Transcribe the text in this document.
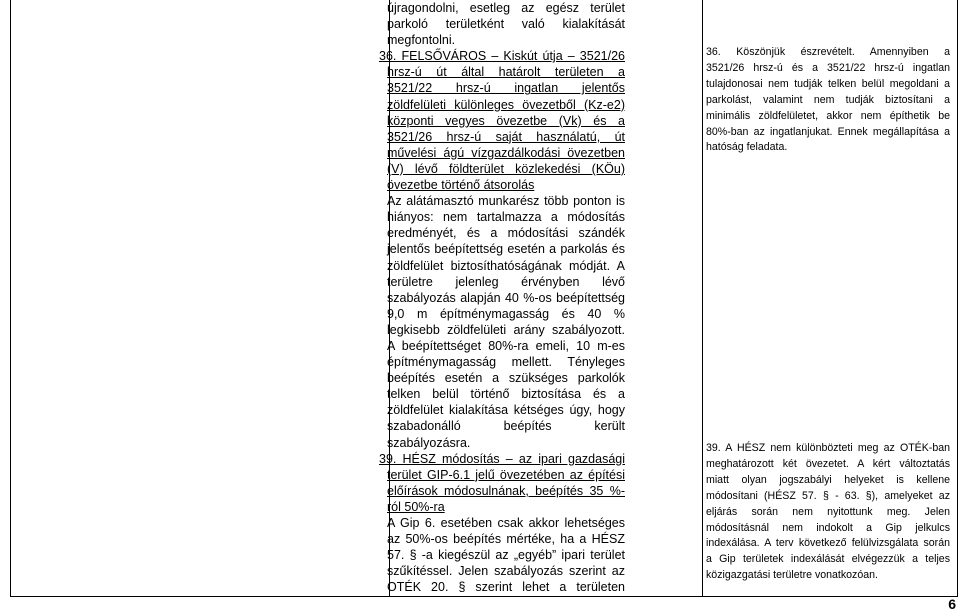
újragondolni, esetleg az egész terület
parkoló területként való kialakítását
megfontolni.
36. FELSŐVÁROS – Kiskút útja – 3521/26
hrsz-ú út által határolt területen a
3521/22 hrsz-ú ingatlan jelentős
zöldfelületi különleges övezetből (Kz-e2)
központi vegyes övezetbe (Vk) és a
3521/26 hrsz-ú saját használatú, út
művelési ágú vízgazdálkodási övezetben
(V) lévő földterület közlekedési (KÖu)
övezetbe történő átsorolás
Az alátámasztó munkarész több ponton is
hiányos: nem tartalmazza a módosítás
eredményét, és a módosítási szándék
jelentős beépítettség esetén a parkolás és
zöldfelület biztosíthatóságának módját. A
területre jelenleg érvényben lévő
szabályozás alapján 40 %-os beépítettség
9,0 m építménymagasság és 40 %
legkisebb zöldfelületi arány szabályozott.
A beépítettséget 80%-ra emeli, 10 m-es
építménymagasság mellett. Tényleges
beépítés esetén a szükséges parkolók
telken belül történő biztosítása és a
zöldfelület kialakítása kétséges úgy, hogy
szabadonálló beépítés került
szabályozásra.
39. HÉSZ módosítás – az ipari gazdasági
terület GIP-6.1 jelű övezetében az építési
előírások módosulnának, beépítés 35 %-
ról 50%-ra
A Gip 6. esetében csak akkor lehetséges
az 50%-os beépítés mértéke, ha a HÉSZ
57. § -a kiegészül az „egyéb” ipari terület
szűkítéssel. Jelen szabályozás szerint az
OTÉK 20. § szerint lehet a területen
36. Köszönjük észrevételt. Amennyiben a
3521/26 hrsz-ú és a 3521/22 hrsz-ú ingatlan
tulajdonosai nem tudják telken belül megoldani a
parkolást, valamint nem tudják biztosítani a
minimális zöldfelületet, akkor nem építhetik be
80%-ban az ingatlanjukat. Ennek megállapítása a
hatóság feladata.
39. A HÉSZ nem különbözteti meg az OTÉK-ban
meghatározott két övezetet. A kért változtatás
miatt olyan jogszabályi helyeket is kellene
módosítani (HÉSZ 57. § - 63. §), amelyeket az
eljárás során nem nyitottunk meg. Jelen
módosításnál nem indokolt a Gip jelkulcs
indexálása. A terv következő felülvizsgálata során
a Gip területek indexálását elvégezzük a teljes
közigazgatási területre vonatkozóan.
6
